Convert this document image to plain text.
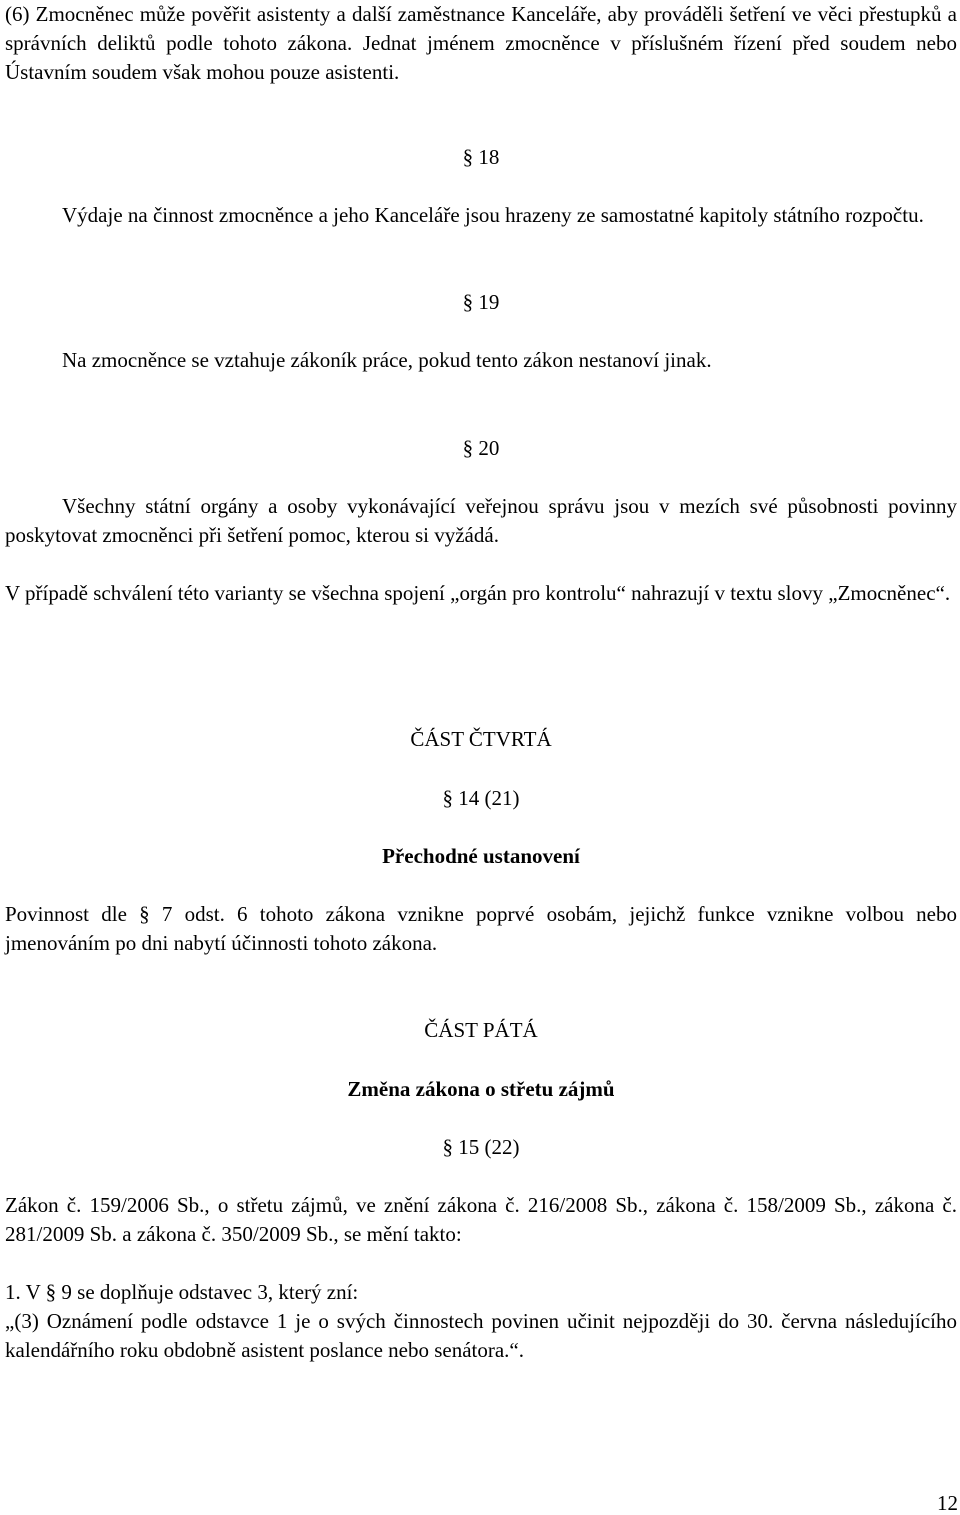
(6) Zmocněnec může pověřit asistenty a další zaměstnance Kanceláře, aby prováděli šetření ve věci přestupků a správních deliktů podle tohoto zákona. Jednat jménem zmocněnce v příslušném řízení před soudem nebo Ústavním soudem však mohou pouze asistenti.

§ 18

Výdaje na činnost zmocněnce a jeho Kanceláře jsou hrazeny ze samostatné kapitoly státního rozpočtu.

§ 19

Na zmocněnce se vztahuje zákoník práce, pokud tento zákon nestanoví jinak.

§ 20

Všechny státní orgány a osoby vykonávající veřejnou správu jsou v mezích své působnosti povinny poskytovat zmocněnci při šetření pomoc, kterou si vyžádá.

V případě schválení této varianty se všechna spojení „orgán pro kontrolu“ nahrazují v textu slovy „Zmocněnec“.

ČÁST ČTVRTÁ

§ 14 (21)

Přechodné ustanovení

Povinnost dle § 7 odst. 6 tohoto zákona vznikne poprvé osobám, jejichž funkce vznikne volbou nebo jmenováním po dni nabytí účinnosti tohoto zákona.

ČÁST PÁTÁ

Změna zákona o střetu zájmů

§ 15 (22)

Zákon č. 159/2006 Sb., o střetu zájmů, ve znění zákona č. 216/2008 Sb., zákona č. 158/2009 Sb., zákona č. 281/2009 Sb. a zákona č. 350/2009 Sb., se mění takto:

1. V § 9 se doplňuje odstavec 3, který zní:

„(3) Oznámení podle odstavce 1 je o svých činnostech povinen učinit nejpozději do 30. června následujícího kalendářního roku obdobně asistent poslance nebo senátora.“.

12
